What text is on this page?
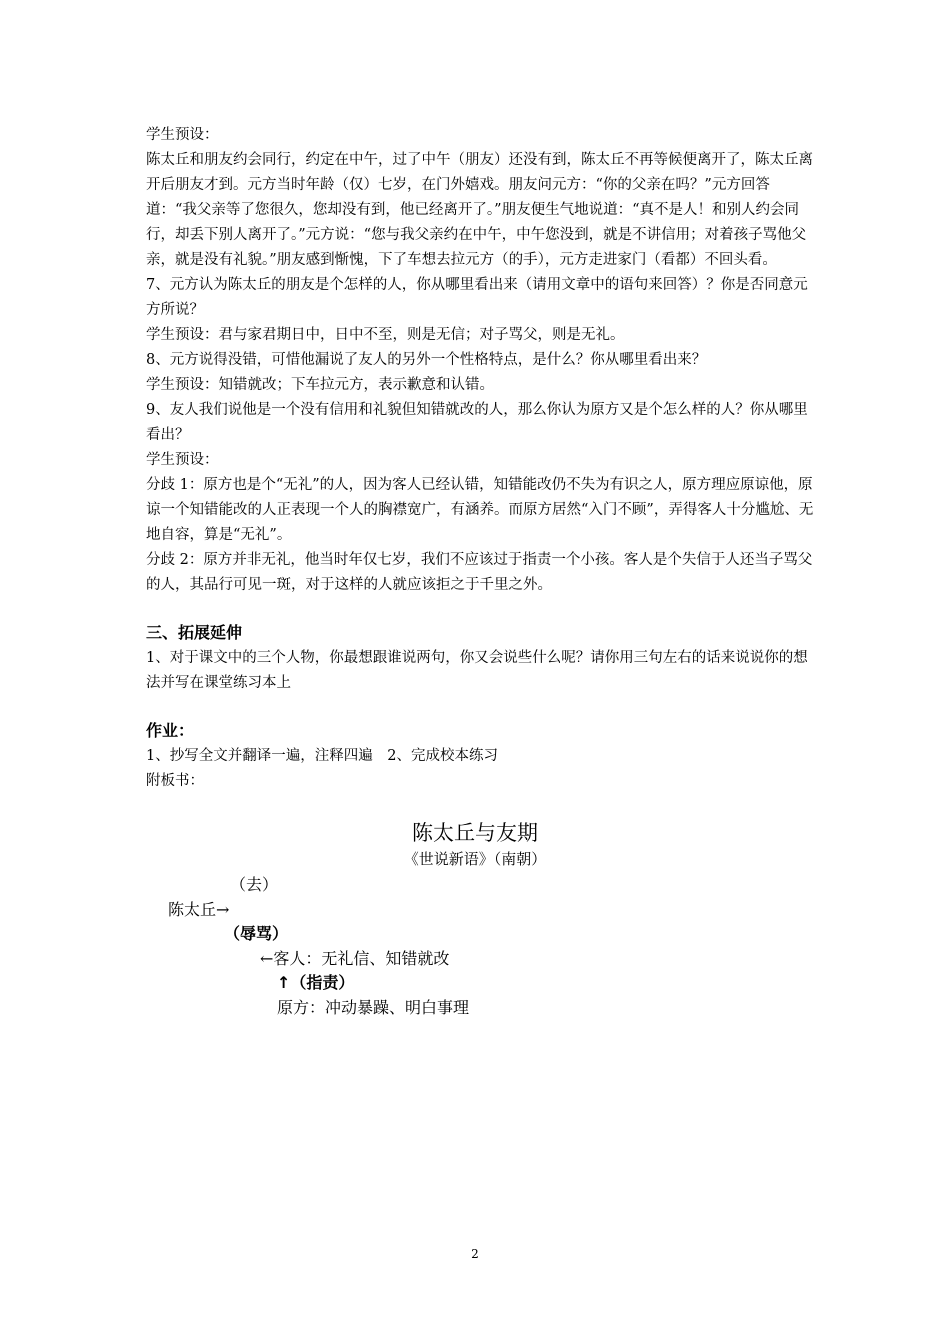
学生预设：

陈太丘和朋友约会同行，约定在中午，过了中午（朋友）还没有到，陈太丘不再等候便离开了，陈太丘离开后朋友才到。元方当时年龄（仅）七岁，在门外嬉戏。朋友问元方：“你的父亲在吗？”元方回答道：“我父亲等了您很久，您却没有到，他已经离开了。”朋友便生气地说道：“真不是人！和别人约会同行，却丢下别人离开了。”元方说：“您与我父亲约在中午，中午您没到，就是不讲信用；对着孩子骂他父亲，就是没有礼貌。”朋友感到惭愧，下了车想去拉元方（的手），元方走进家门（看都）不回头看。

7、元方认为陈太丘的朋友是个怎样的人，你从哪里看出来（请用文章中的语句来回答）？你是否同意元方所说？

学生预设：君与家君期日中，日中不至，则是无信；对子骂父，则是无礼。

8、元方说得没错，可惜他漏说了友人的另外一个性格特点，是什么？你从哪里看出来？

学生预设：知错就改；下车拉元方，表示歉意和认错。

9、友人我们说他是一个没有信用和礼貌但知错就改的人，那么你认为原方又是个怎么样的人？你从哪里看出？

学生预设：

分歧 1：原方也是个“无礼”的人，因为客人已经认错，知错能改仍不失为有识之人，原方理应原谅他，原谅一个知错能改的人正表现一个人的胸襟宽广，有涵养。而原方居然“入门不顾”，弄得客人十分尴尬、无地自容，算是“无礼”。

分歧 2：原方并非无礼，他当时年仅七岁，我们不应该过于指责一个小孩。客人是个失信于人还当子骂父的人，其品行可见一斑，对于这样的人就应该拒之于千里之外。

三、拓展延伸

1、对于课文中的三个人物，你最想跟谁说两句，你又会说些什么呢？请你用三句左右的话来说说你的想法并写在课堂练习本上

作业：

1、抄写全文并翻译一遍，注释四遍　2、完成校本练习

附板书：

陈太丘与友期
《世说新语》（南朝）
（去）
陈太丘→
（辱骂）
←客人：无礼信、知错就改
↑（指责）
原方：冲动暴躁、明白事理
2
